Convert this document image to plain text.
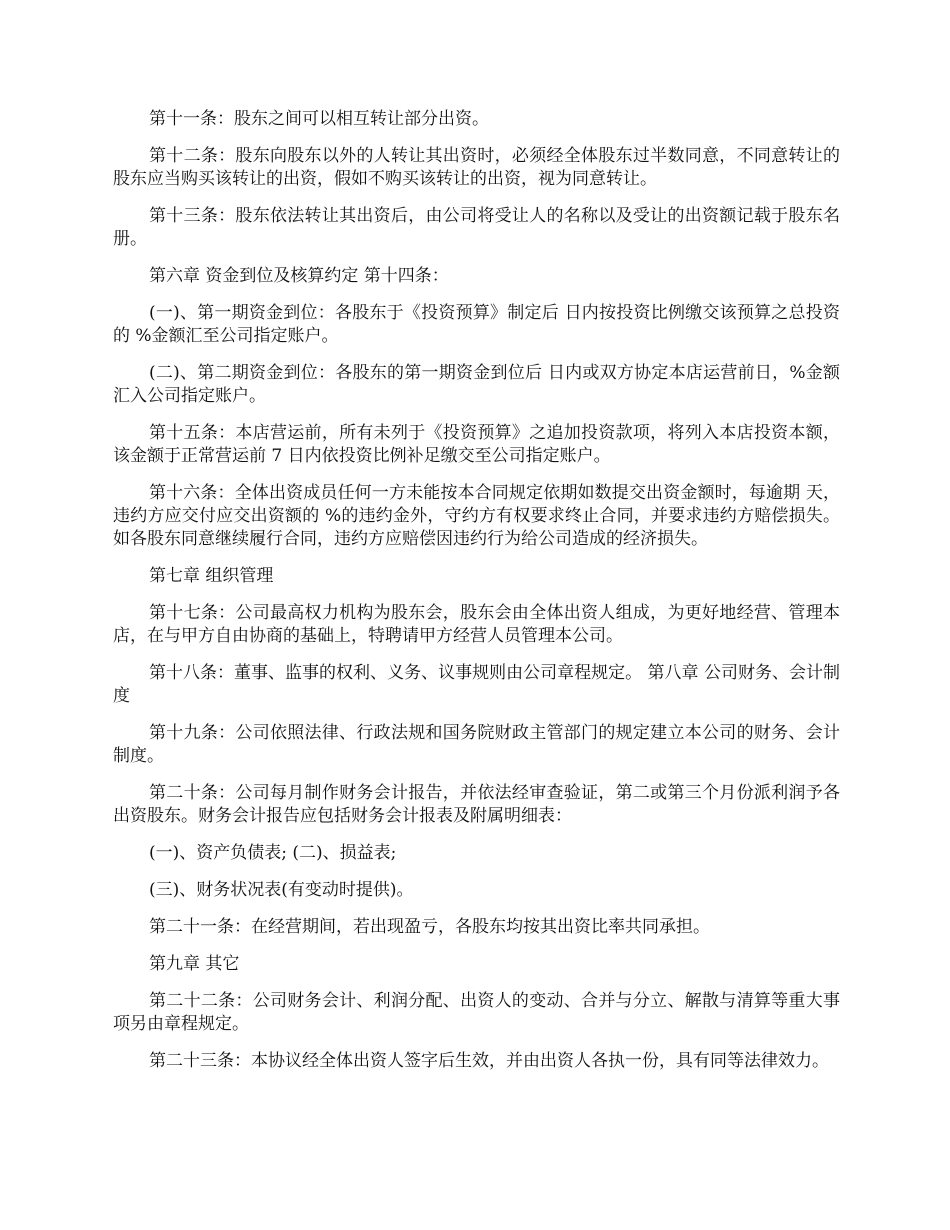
第十一条：股东之间可以相互转让部分出资。

第十二条：股东向股东以外的人转让其出资时，必须经全体股东过半数同意，不同意转让的股东应当购买该转让的出资，假如不购买该转让的出资，视为同意转让。

第十三条：股东依法转让其出资后，由公司将受让人的名称以及受让的出资额记载于股东名册。

第六章 资金到位及核算约定 第十四条：

(一)、第一期资金到位：各股东于《投资预算》制定后 日内按投资比例缴交该预算之总投资的 %金额汇至公司指定账户。

(二)、第二期资金到位：各股东的第一期资金到位后 日内或双方协定本店运营前日，%金额汇入公司指定账户。

第十五条：本店营运前，所有未列于《投资预算》之追加投资款项，将列入本店投资本额，该金额于正常营运前 7 日内依投资比例补足缴交至公司指定账户。

第十六条：全体出资成员任何一方未能按本合同规定依期如数提交出资金额时，每逾期 天，违约方应交付应交出资额的 %的违约金外，守约方有权要求终止合同，并要求违约方赔偿损失。如各股东同意继续履行合同，违约方应赔偿因违约行为给公司造成的经济损失。

第七章 组织管理

第十七条：公司最高权力机构为股东会，股东会由全体出资人组成，为更好地经营、管理本店，在与甲方自由协商的基础上，特聘请甲方经营人员管理本公司。

第十八条：董事、监事的权利、义务、议事规则由公司章程规定。 第八章 公司财务、会计制度

第十九条：公司依照法律、行政法规和国务院财政主管部门的规定建立本公司的财务、会计制度。

第二十条：公司每月制作财务会计报告，并依法经审查验证，第二或第三个月份派利润予各出资股东。财务会计报告应包括财务会计报表及附属明细表：

(一)、资产负债表; (二)、损益表;

(三)、财务状况表(有变动时提供)。

第二十一条：在经营期间，若出现盈亏，各股东均按其出资比率共同承担。

第九章 其它

第二十二条：公司财务会计、利润分配、出资人的变动、合并与分立、解散与清算等重大事项另由章程规定。

第二十三条：本协议经全体出资人签字后生效，并由出资人各执一份，具有同等法律效力。
